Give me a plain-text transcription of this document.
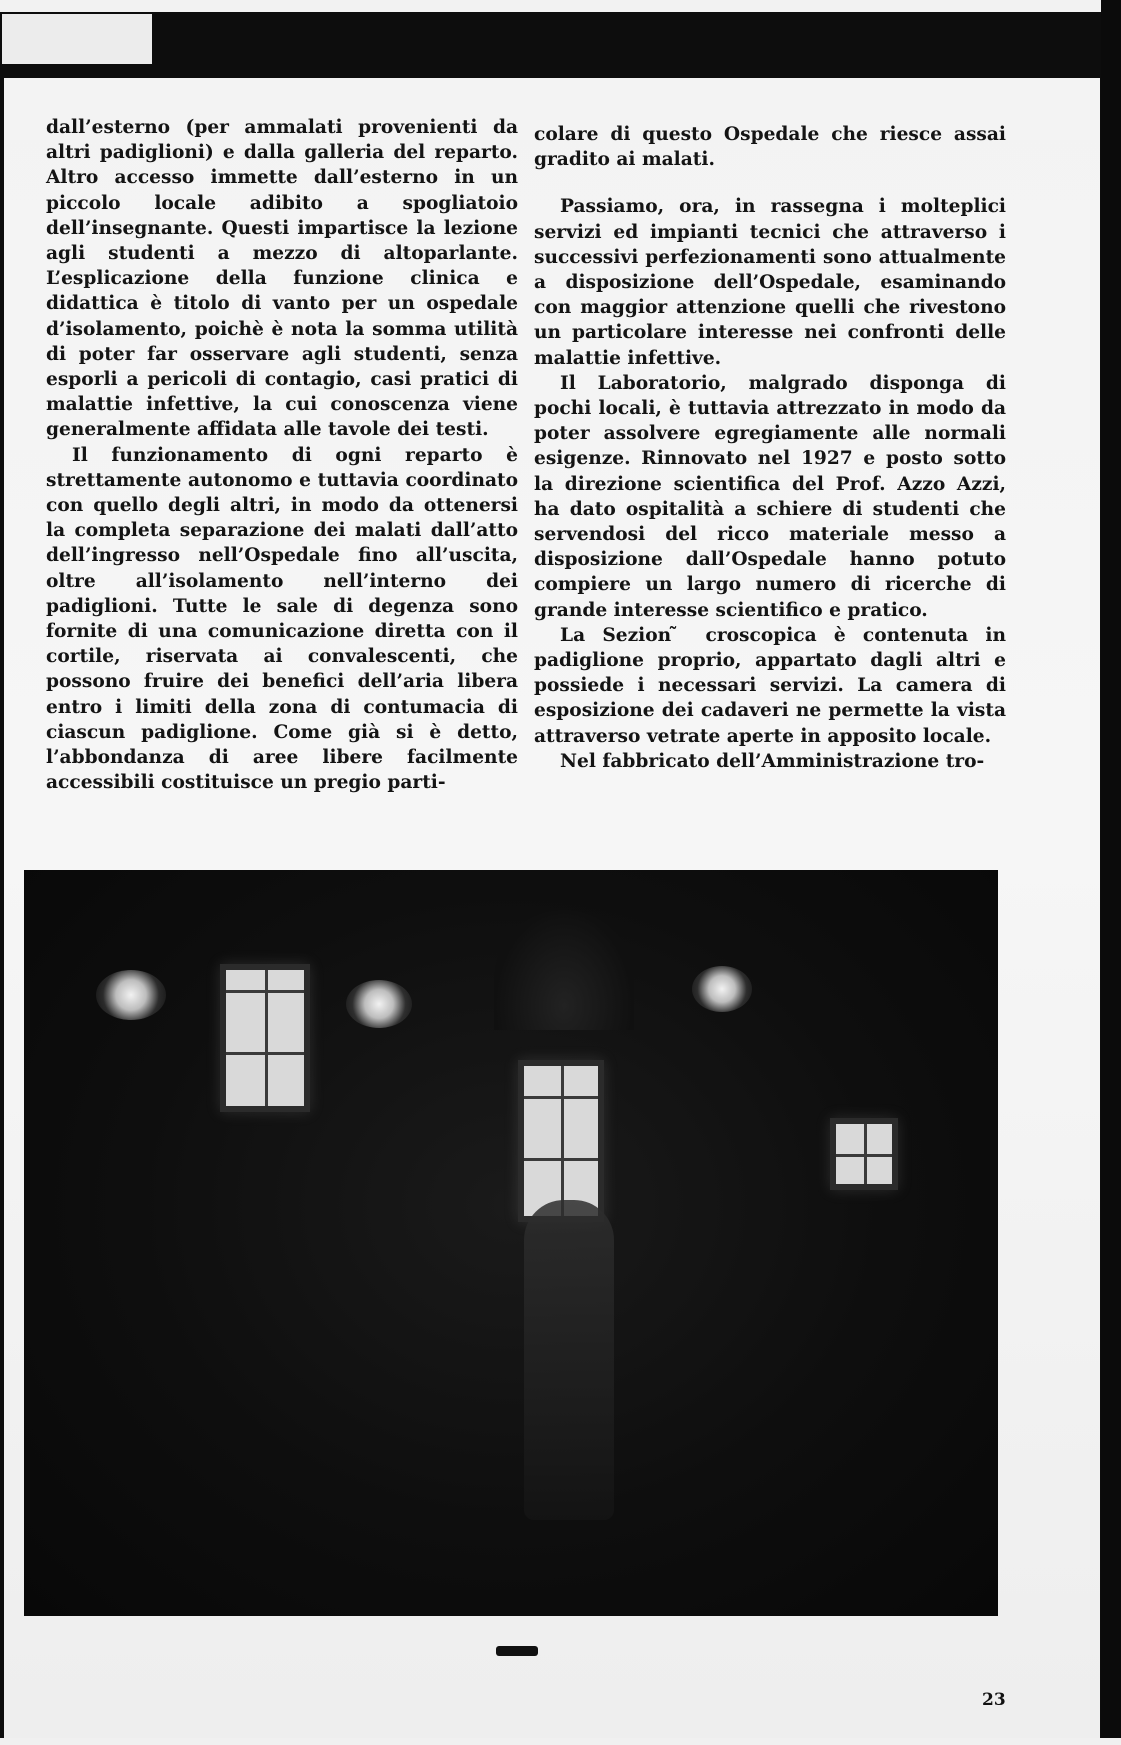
dall’esterno (per ammalati provenienti da altri padiglioni) e dalla galleria del reparto. Altro accesso immette dall’esterno in un piccolo locale adibito a spogliatoio dell’insegnante. Questi impartisce la lezione agli studenti a mezzo di altoparlante. L’esplicazione della funzione clinica e didattica è titolo di vanto per un ospedale d’isolamento, poichè è nota la somma utilità di poter far osservare agli studenti, senza esporli a pericoli di contagio, casi pratici di malattie infettive, la cui conoscenza viene generalmente affidata alle tavole dei testi.

Il funzionamento di ogni reparto è strettamente autonomo e tuttavia coordinato con quello degli altri, in modo da ottenersi la completa separazione dei malati dall’atto dell’ingresso nell’Ospedale fino all’uscita, oltre all’isolamento nell’interno dei padiglioni. Tutte le sale di degenza sono fornite di una comunicazione diretta con il cortile, riservata ai convalescenti, che possono fruire dei benefici dell’aria libera entro i limiti della zona di contumacia di ciascun padiglione. Come già si è detto, l’abbondanza di aree libere facilmente accessibili costituisce un pregio parti-

colare di questo Ospedale che riesce assai gradito ai malati.

Passiamo, ora, in rassegna i molteplici servizi ed impianti tecnici che attraverso i successivi perfezionamenti sono attualmente a disposizione dell’Ospedale, esaminando con maggior attenzione quelli che rivestono un particolare interesse nei confronti delle malattie infettive.

Il Laboratorio, malgrado disponga di pochi locali, è tuttavia attrezzato in modo da poter assolvere egregiamente alle normali esigenze. Rinnovato nel 1927 e posto sotto la direzione scientifica del Prof. Azzo Azzi, ha dato ospitalità a schiere di studenti che servendosi del ricco materiale messo a disposizione dall’Ospedale hanno potuto compiere un largo numero di ricerche di grande interesse scientifico e pratico.

La Sezion ̃ croscopica è contenuta in padiglione proprio, appartato dagli altri e possiede i necessari servizi. La camera di esposizione dei cadaveri ne permette la vista attraverso vetrate aperte in apposito locale.

Nel fabbricato dell’Amministrazione tro-

23
